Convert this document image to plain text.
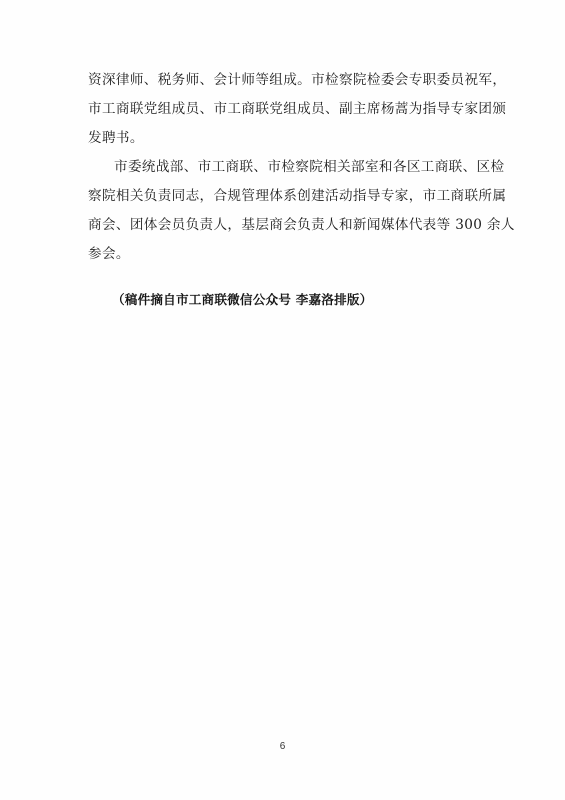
资深律师、税务师、会计师等组成。市检察院检委会专职委员祝军，
市工商联党组成员、市工商联党组成员、副主席杨蒿为指导专家团颁
发聘书。
市委统战部、市工商联、市检察院相关部室和各区工商联、区检
察院相关负责同志，合规管理体系创建活动指导专家，市工商联所属
商会、团体会员负责人，基层商会负责人和新闻媒体代表等 300 余人
参会。
（稿件摘自市工商联微信公众号 李嘉洛排版）
6
